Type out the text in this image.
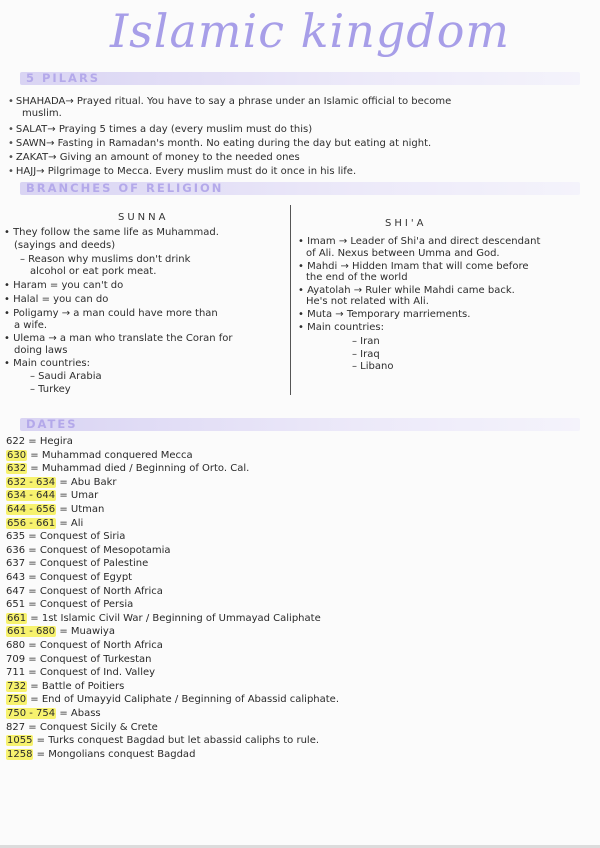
Islamic kingdom
5 PILARS
• SHAHADA→ Prayed ritual. You have to say a phrase under an Islamic official to become
muslim.
• SALAT→ Praying 5 times a day (every muslim must do this)
• SAWN→ Fasting in Ramadan's month. No eating during the day but eating at night.
• ZAKAT→ Giving an amount of money to the needed ones
• HAJJ→ Pilgrimage to Mecca. Every muslim must do it once in his life.
BRANCHES OF RELIGION
SUNNA
SHI'A
• They follow the same life as Muhammad.
(sayings and deeds)
– Reason why muslims don't drink
alcohol or eat pork meat.
• Haram = you can't do
• Halal = you can do
• Poligamy → a man could have more than
a wife.
• Ulema → a man who translate the Coran for
doing laws
• Main countries:
– Saudi Arabia
– Turkey
• Imam → Leader of Shi'a and direct descendant
of Ali. Nexus between Umma and God.
• Mahdi → Hidden Imam that will come before
the end of the world
• Ayatolah → Ruler while Mahdi came back.
He's not related with Ali.
• Muta → Temporary marriements.
• Main countries:
– Iran
– Iraq
– Libano
DATES
622 = Hegira
630 = Muhammad conquered Mecca
632 = Muhammad died / Beginning of Orto. Cal.
632 - 634 = Abu Bakr
634 - 644 = Umar
644 - 656 = Utman
656 - 661 = Ali
635 = Conquest of Siria
636 = Conquest of Mesopotamia
637 = Conquest of Palestine
643 = Conquest of Egypt
647 = Conquest of North Africa
651 = Conquest of Persia
661 = 1st Islamic Civil War / Beginning of Ummayad Caliphate
661 - 680 = Muawiya
680 = Conquest of North Africa
709 = Conquest of Turkestan
711 = Conquest of Ind. Valley
732 = Battle of Poitiers
750 = End of Umayyid Caliphate / Beginning of Abassid caliphate.
750 - 754 = Abass
827 = Conquest Sicily & Crete
1055 = Turks conquest Bagdad but let abassid caliphs to rule.
1258 = Mongolians conquest Bagdad
